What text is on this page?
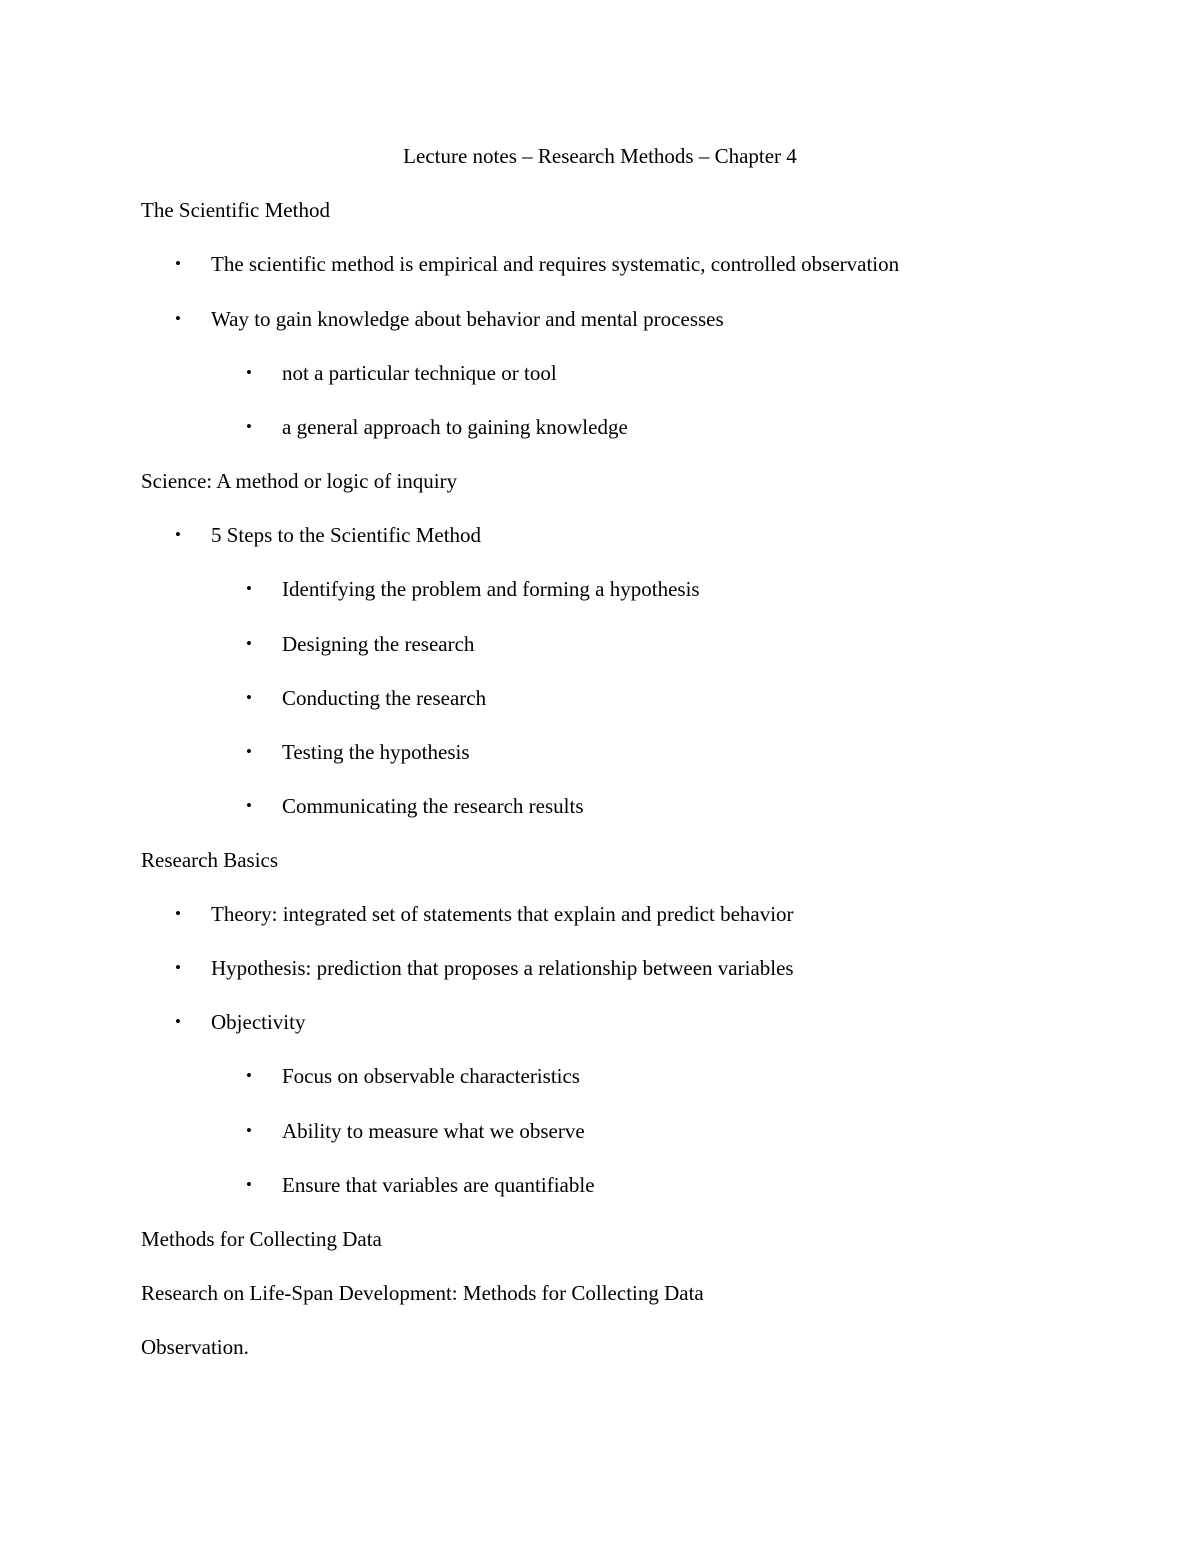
Lecture notes – Research Methods – Chapter 4
The Scientific Method
• The scientific method is empirical and requires systematic, controlled observation
• Way to gain knowledge about behavior and mental processes
• not a particular technique or tool
• a general approach to gaining knowledge
Science: A method or logic of inquiry
• 5 Steps to the Scientific Method
• Identifying the problem and forming a hypothesis
• Designing the research
• Conducting the research
• Testing the hypothesis
• Communicating the research results
Research Basics
• Theory: integrated set of statements that explain and predict behavior
• Hypothesis: prediction that proposes a relationship between variables
• Objectivity
• Focus on observable characteristics
• Ability to measure what we observe
• Ensure that variables are quantifiable
Methods for Collecting Data
Research on Life-Span Development: Methods for Collecting Data
Observation.
